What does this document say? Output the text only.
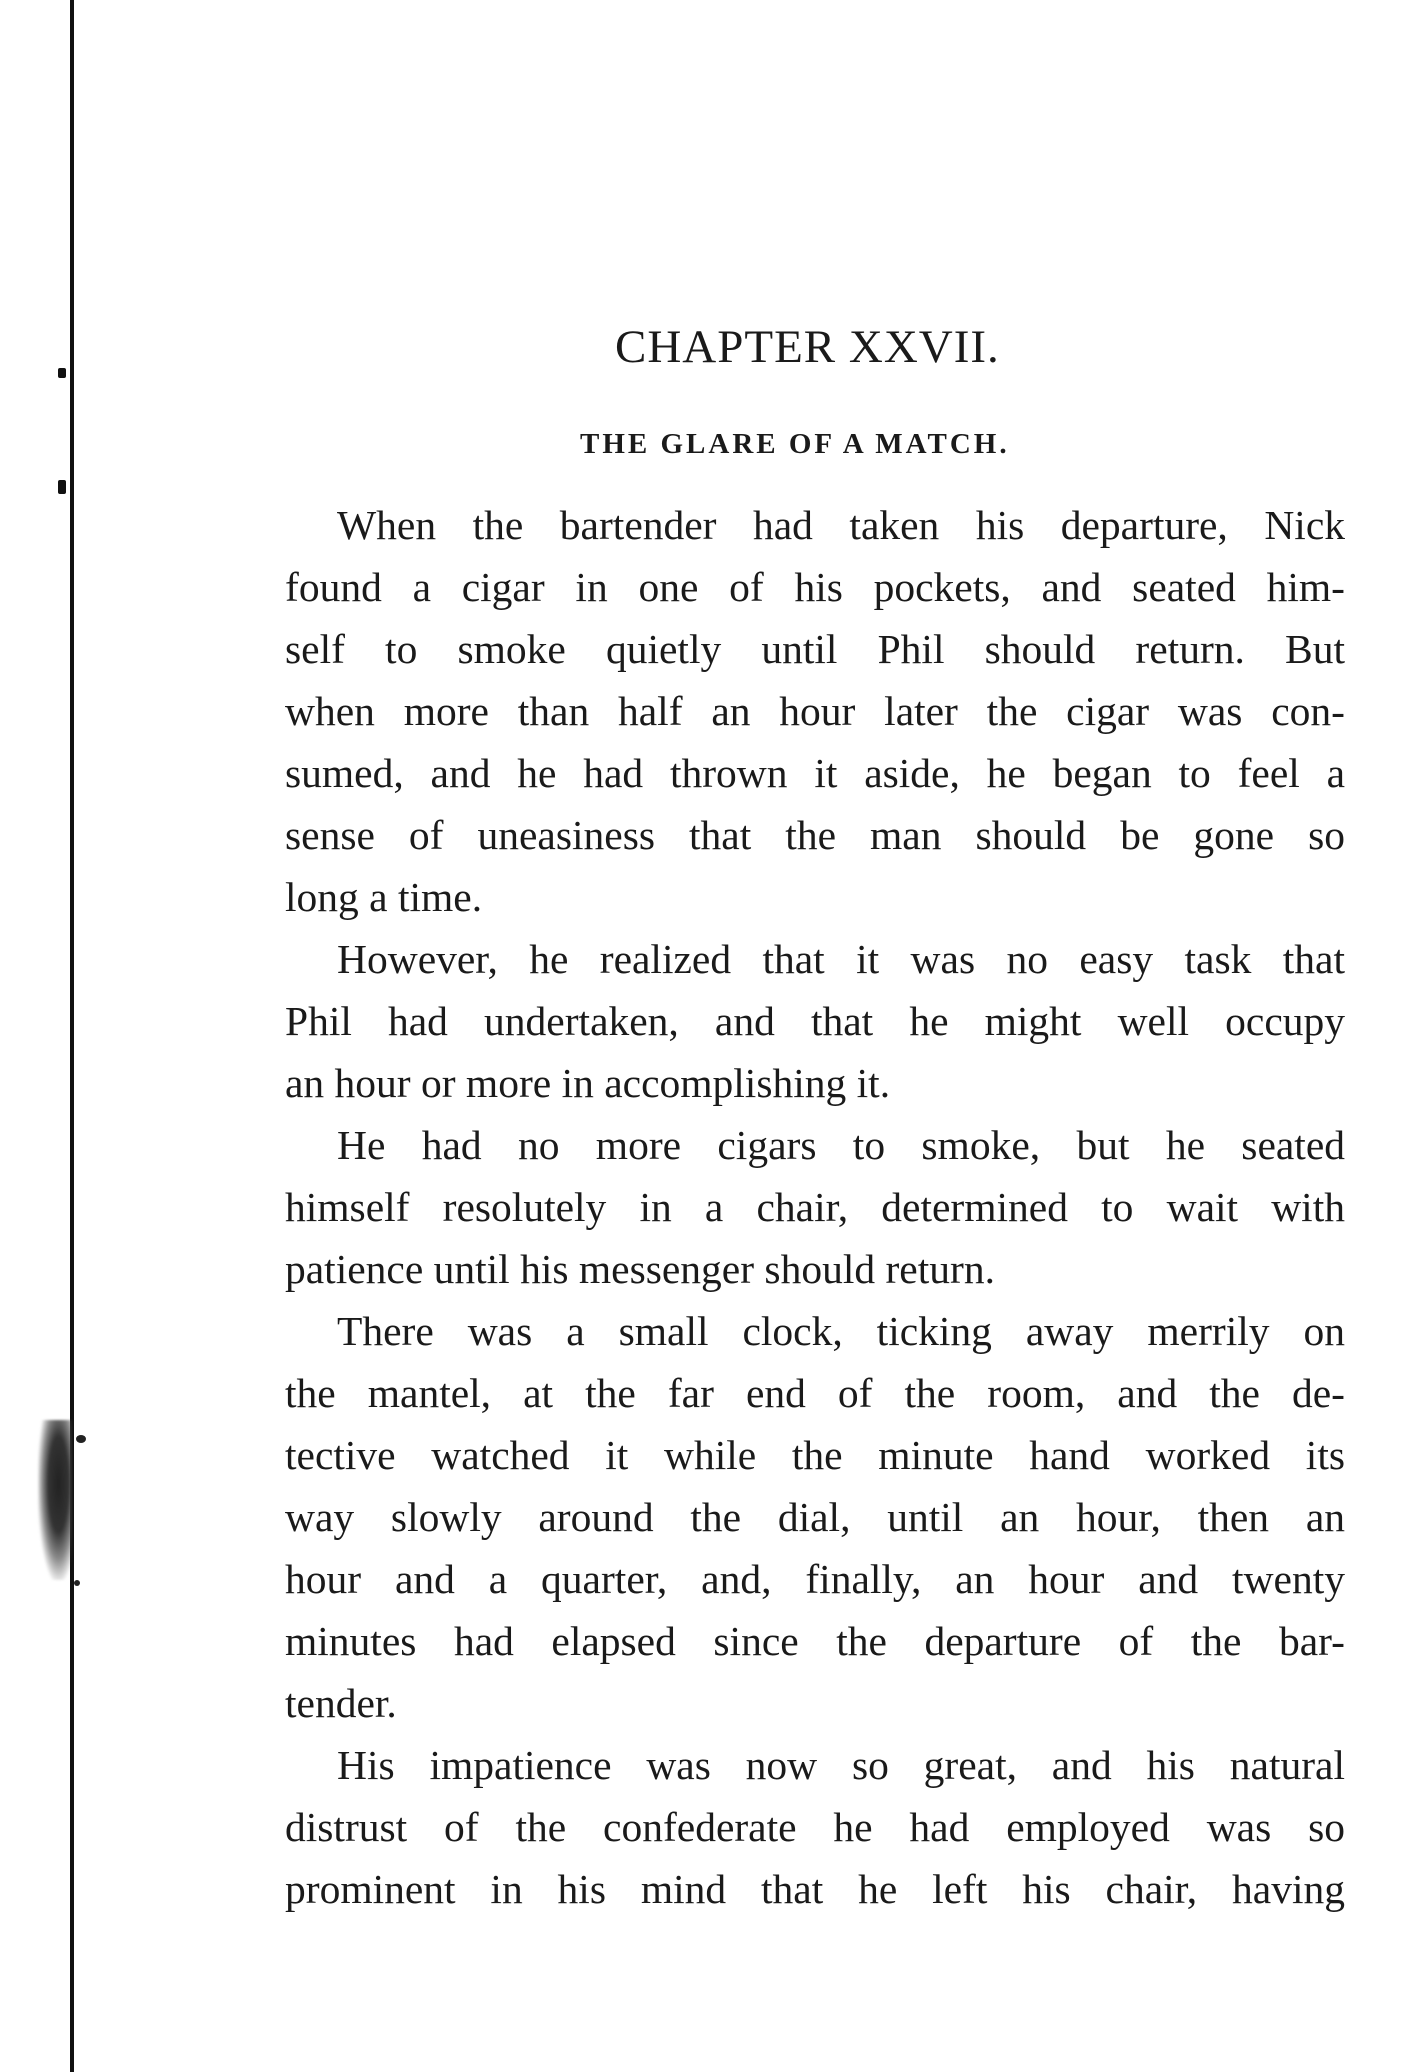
CHAPTER XXVII.
THE GLARE OF A MATCH.
When the bartender had taken his departure, Nick
found a cigar in one of his pockets, and seated him-
self to smoke quietly until Phil should return. But
when more than half an hour later the cigar was con-
sumed, and he had thrown it aside, he began to feel a
sense of uneasiness that the man should be gone so
long a time.
However, he realized that it was no easy task that
Phil had undertaken, and that he might well occupy
an hour or more in accomplishing it.
He had no more cigars to smoke, but he seated
himself resolutely in a chair, determined to wait with
patience until his messenger should return.
There was a small clock, ticking away merrily on
the mantel, at the far end of the room, and the de-
tective watched it while the minute hand worked its
way slowly around the dial, until an hour, then an
hour and a quarter, and, finally, an hour and twenty
minutes had elapsed since the departure of the bar-
tender.
His impatience was now so great, and his natural
distrust of the confederate he had employed was so
prominent in his mind that he left his chair, having
